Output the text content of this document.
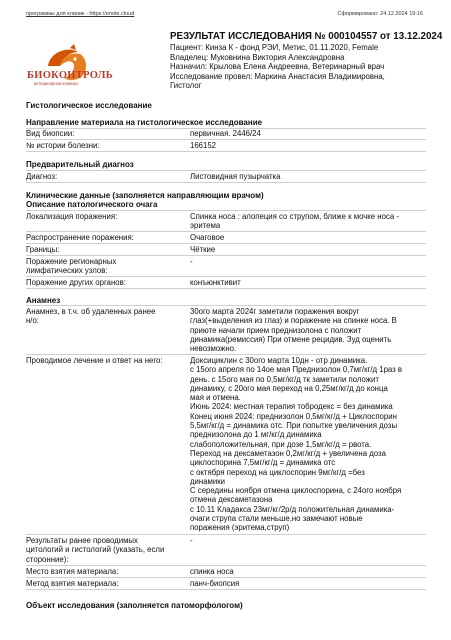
программы для клиник - https://enote.cloud	Сформировано: 24.12.2024 19:16
БИОКОНТРОЛЬ
ветеринарная клиника
РЕЗУЛЬТАТ ИССЛЕДОВАНИЯ № 000104557 от 13.12.2024
Пациент: Кинза К - фонд РЭИ, Метис, 01.11.2020, Female
Владелец: Муковнина Виктория Александровна
Назначил: Крылова Елена Андреевна, Ветеринарный врач
Исследование провел: Маркина Анастасия Владимировна,
Гистолог
Гистологическое исследование
Направление материала на гистологическое исследование
Вид биопсии:	первичная. 2446/24
№ истории болезни:	166152
Предварительный диагноз
Диагноз:	Листовидная пузырчатка
Клинические данные (заполняется направляющим врачом)
Описание патологического очага
Локализация поражения:	Спинка носа : алопеция со струпом, ближе к мочке носа -
эритема
Распространение поражения:	Очаговое
Границы:	Чёткие
Поражение регионарных
лимфатических узлов:
-
Поражение других органов:	конъюнктивит
Анамнез
Анамнез, в т.ч. об удаленных ранее
н/о:
30ого марта 2024г заметили поражения вокруг
глаз(+выделения из глаз) и поражение на спинке носа. В
приюте начали прием преднизолона с положит
динамика(ремиссия) При отмене рецидив. Зуд оценить
невозможно.
Проводимое лечение и ответ на него:	Доксициклин с 30ого марта 10дн - отр динамика.
с 15ого апреля по 14ое мая Преднизолон 0,7мг/кг/д 1раз в
день. с 15ого мая по 0,5мг/кг/д тк заметили положит
динамику, с 20ого мая переход на 0,25мг/кг/д до конца
мая и отмена.
Июнь 2024: местная терапия тобродекс = без динамика
Конец июня 2024: преднизолон 0,5мг/кг/д + Циклоспорин
5,5мг/кг/д = динамика отс. При попытке увеличения дозы
преднизолона до 1 мг/кг/д динамика
слабоположительная, при дозе 1,5мг/кг/д = рвота.
Переход на дексаметазон 0,2мг/кг/д + увеличена доза
циклоспорина 7,5мг/кг/д = динамика отс
с октября переход на циклоспорин 9мг/кг/д =без
динамики
С середины ноября отмена циклоспорина, с 24ого ноября
отмена дексаметазона
с 10.11 Кладакса 23мг/кг/2р/д положительная динамика-
очаги струпа стали меньше,но замечают новые
поражения (эритема,струп)
Результаты ранее проводимых
цитологий и гистологий (указать, если
сторонние):
-
Место взятия материала:	спинка носа
Метод взятия материала:	панч-биопсия
Объект исследования (заполняется патоморфологом)
